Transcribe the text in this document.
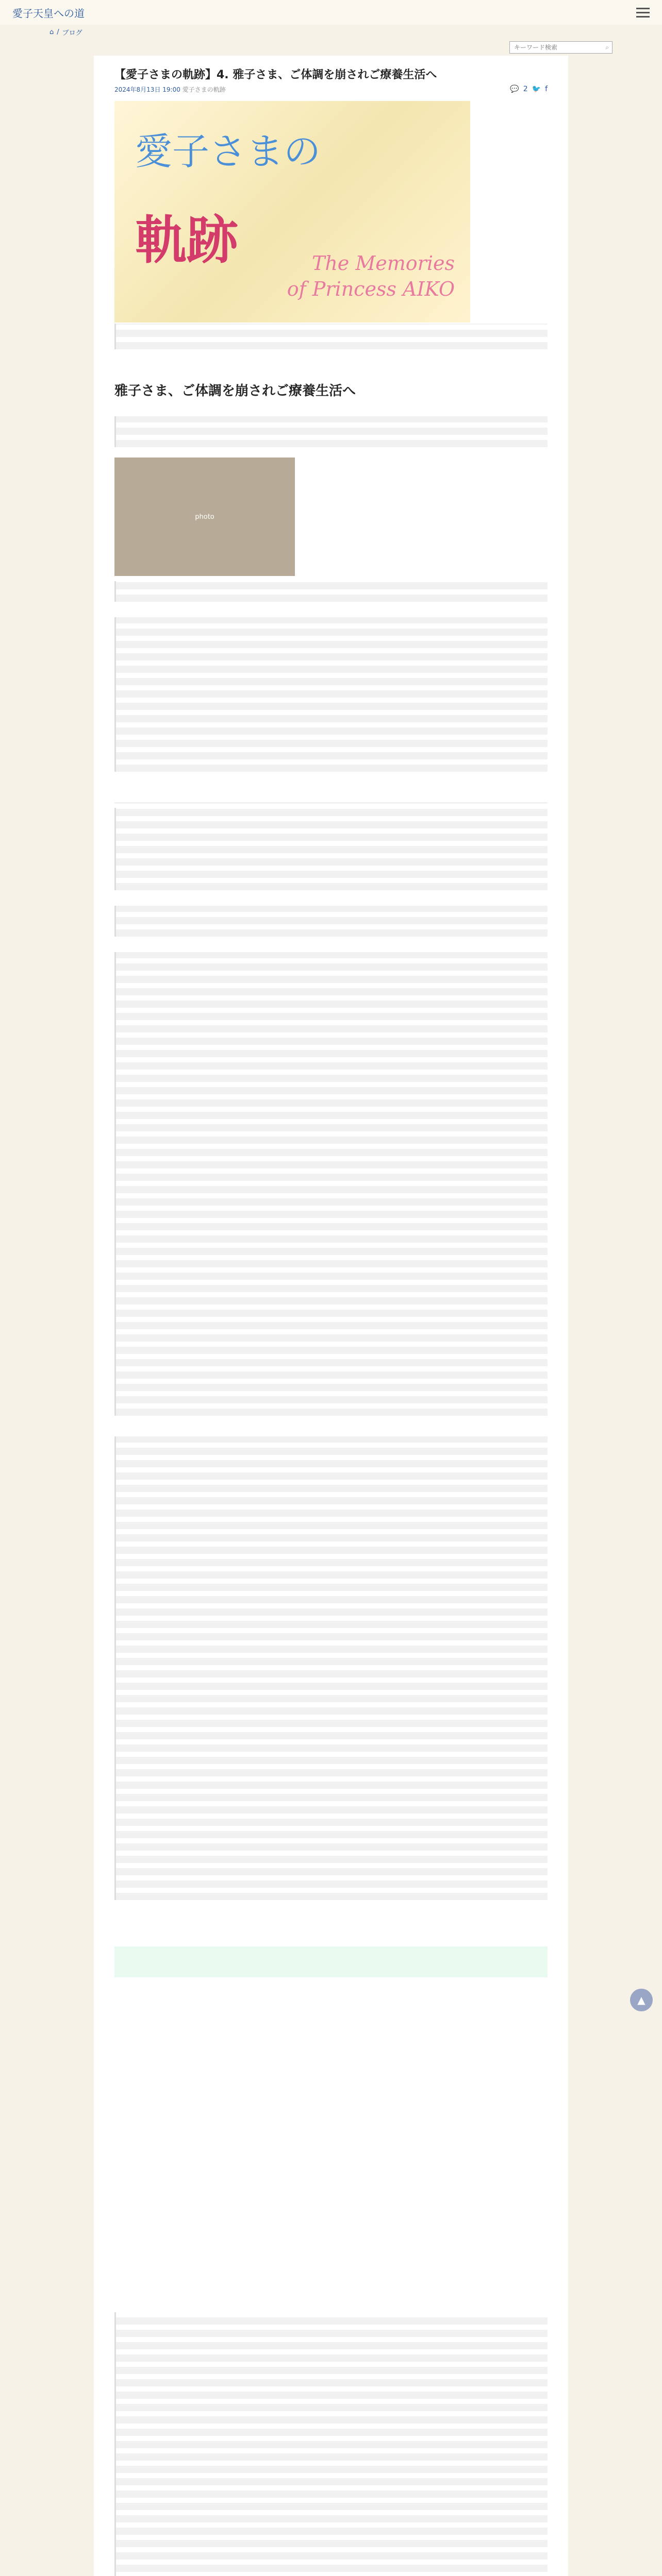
愛子天皇への道
⌂ / ブログ
キーワード検索
⌕
【愛子さまの軌跡】4. 雅子さま、ご体調を崩されご療養生活へ
2024年8月13日 19:00 愛子さまの軌跡	💬 2 🐦 f
愛子さまの
軌跡	The Memories
of Princess AIKO
雅子さま、ご体調を崩されご療養生活へ
photo
▲
